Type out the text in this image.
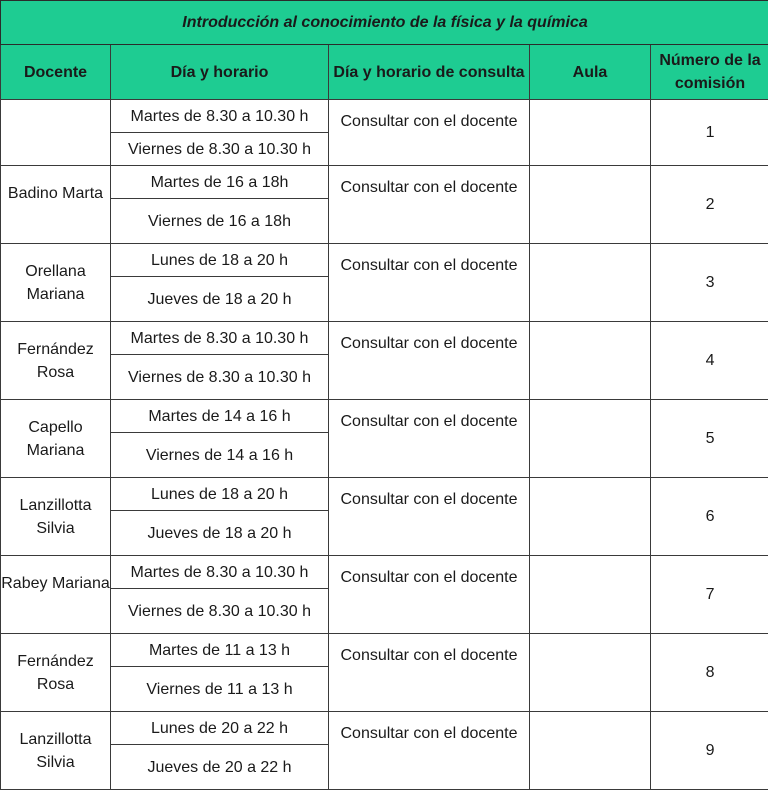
Introducción al conocimiento de la física y la química				
Docente	Día y horario	Día y horario de consulta	Aula	Número de la comisión
	Martes de 8.30 a 10.30 h	Consultar con el docente		1
	Viernes de 8.30 a 10.30 h			
Badino Marta	Martes de 16 a 18h	Consultar con el docente		2
	Viernes de 16 a 18h			
Orellana Mariana	Lunes de 18 a 20 h	Consultar con el docente		3
	Jueves de 18 a 20 h			
Fernández Rosa	Martes de 8.30 a 10.30 h	Consultar con el docente		4
	Viernes de 8.30 a 10.30 h			
Capello Mariana	Martes de 14 a 16 h	Consultar con el docente		5
	Viernes de 14 a 16 h			
Lanzillotta Silvia	Lunes de 18 a 20 h	Consultar con el docente		6
	Jueves de 18 a 20 h			
Rabey Mariana	Martes de 8.30 a 10.30 h	Consultar con el docente		7
	Viernes de 8.30 a 10.30 h			
Fernández Rosa	Martes de 11 a 13 h	Consultar con el docente		8
	Viernes de 11 a 13 h			
Lanzillotta Silvia	Lunes de 20 a 22 h	Consultar con el docente		9
	Jueves de 20 a 22 h			
